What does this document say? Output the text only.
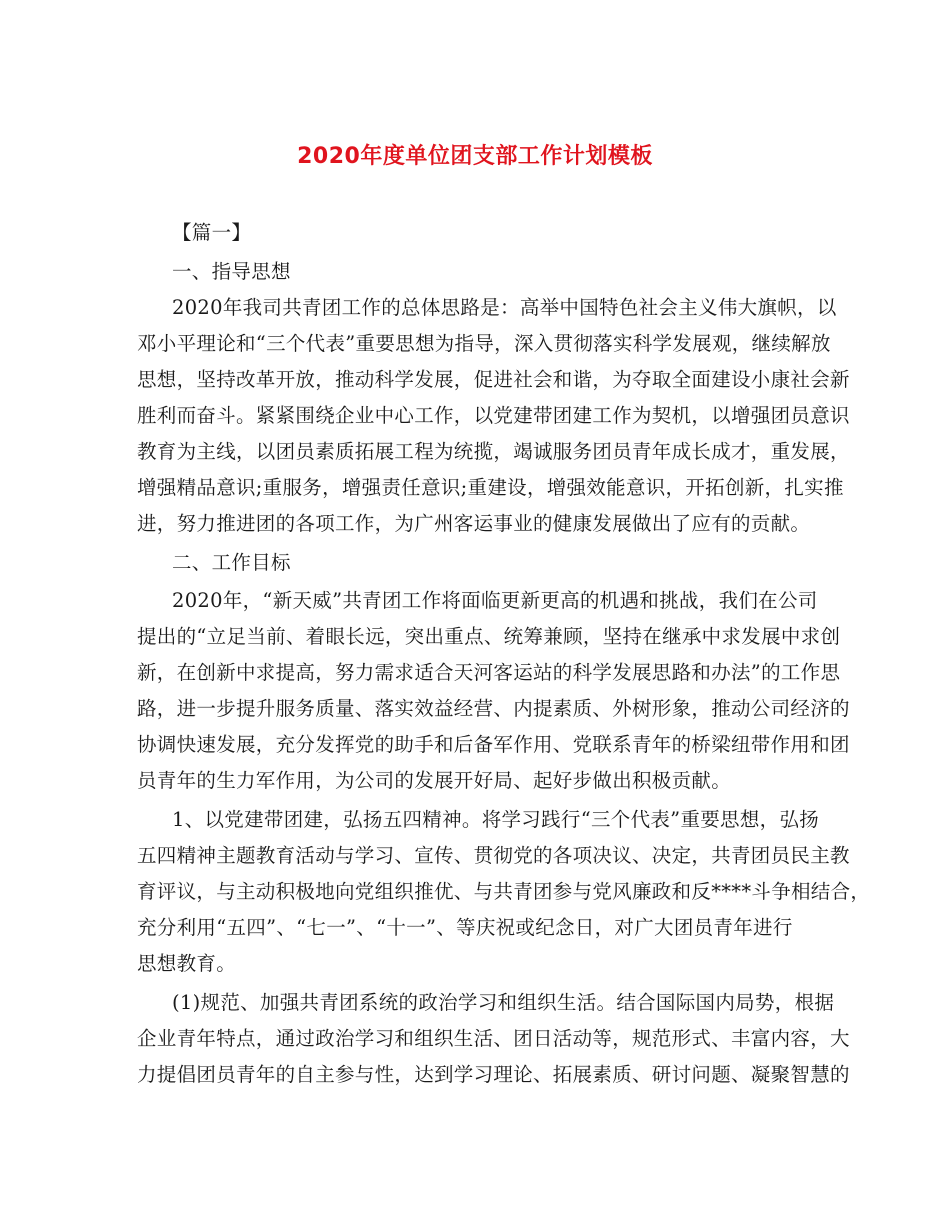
2020年度单位团支部工作计划模板
【篇一】
一、指导思想
2020年我司共青团工作的总体思路是：高举中国特色社会主义伟大旗帜，以
邓小平理论和“三个代表”重要思想为指导，深入贯彻落实科学发展观，继续解放
思想，坚持改革开放，推动科学发展，促进社会和谐，为夺取全面建设小康社会新
胜利而奋斗。紧紧围绕企业中心工作，以党建带团建工作为契机，以增强团员意识
教育为主线，以团员素质拓展工程为统揽，竭诚服务团员青年成长成才，重发展，
增强精品意识;重服务，增强责任意识;重建设，增强效能意识，开拓创新，扎实推
进，努力推进团的各项工作，为广州客运事业的健康发展做出了应有的贡献。
二、工作目标
2020年，“新天威”共青团工作将面临更新更高的机遇和挑战，我们在公司
提出的“立足当前、着眼长远，突出重点、统筹兼顾，坚持在继承中求发展中求创
新，在创新中求提高，努力需求适合天河客运站的科学发展思路和办法”的工作思
路，进一步提升服务质量、落实效益经营、内提素质、外树形象，推动公司经济的
协调快速发展，充分发挥党的助手和后备军作用、党联系青年的桥梁纽带作用和团
员青年的生力军作用，为公司的发展开好局、起好步做出积极贡献。
1、以党建带团建，弘扬五四精神。将学习践行“三个代表”重要思想，弘扬
五四精神主题教育活动与学习、宣传、贯彻党的各项决议、决定，共青团员民主教
育评议，与主动积极地向党组织推优、与共青团参与党风廉政和反****斗争相结合，
充分利用“五四”、“七一”、“十一”、等庆祝或纪念日，对广大团员青年进行
思想教育。
(1)规范、加强共青团系统的政治学习和组织生活。结合国际国内局势，根据
企业青年特点，通过政治学习和组织生活、团日活动等，规范形式、丰富内容，大
力提倡团员青年的自主参与性，达到学习理论、拓展素质、研讨问题、凝聚智慧的
